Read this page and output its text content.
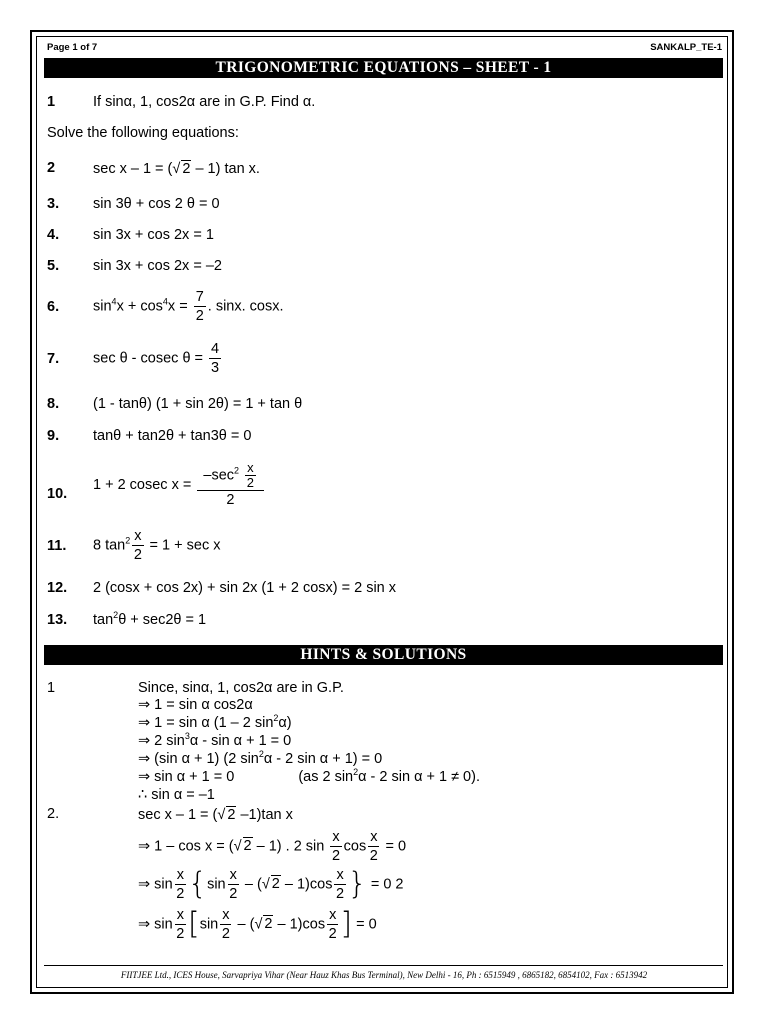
Page 1 of 7	SANKALP_TE-1
TRIGONOMETRIC EQUATIONS – SHEET - 1
1	If sinα, 1, cos2α are in G.P. Find α.
Solve the following equations:
2	sec x – 1 = (√ 2 – 1) tan x.
3. sin 3θ + cos 2 θ = 0
4. sin 3x + cos 2x = 1
5. sin 3x + cos 2x = –2
6. $\sin^4x + \cos^4x = \frac{7}{2}$ . sinx. cosx.
7. sec θ - cosec $\theta = \frac{4}{3}$
8. (1 - tanθ) (1 + sin 2θ) = 1 + tan θ
9. tanθ + tan2θ + tan3θ = 0
10.
1 + 2 cosec $x = \frac{-\sec^2 \frac{x}{2}}{2}$
11. 8 $\tan^2 \frac{x}{2} = 1 + \sec x$
12. 2 (cosx + cos 2x) + sin 2x (1 + 2 cosx) = 2 sin x
13. $\tan^2\theta + \sec 2\theta = 1$
HINTS & SOLUTIONS
1	Since, sinα, 1, cos2α are in G.P.
⇒ 1 = sin α cos2α
⇒ 1 = sin α (1 – 2 $\sin^2\alpha$)
⇒ 2 $\sin^3\alpha - \sin \alpha + 1 = 0$
⇒ (sin α + 1) (2 $\sin^2\alpha - 2$ sin α + 1) = 0
⇒ sin α + 1 = 0	(as 2 $\sin^2\alpha - 2$ sin α + 1 ≠ 0).
∴ sin α = –1
2.	sec x – 1 = (√ 2 –1)tan x
⇒ 1 – cos x = (√ 2 – 1) . 2 $\sin \frac{x}{2}$ $\cos \frac{x}{2} = 0$
⇒ $\sin \frac{x}{2} \{\sin \frac{x}{2}$ – (√ $2 - 1)\cos \frac{x}{2}$ } = 0 2
⇒ $\sin \frac{x}{2} [\sin \frac{x}{2}$ – (√ $2 - 1)\cos \frac{x}{2}$ ] = 0
FIITJEE Ltd., ICES House, Sarvapriya Vihar (Near Hauz Khas Bus Terminal), New Delhi - 16, Ph : 6515949 , 6865182, 6854102, Fax : 6513942
